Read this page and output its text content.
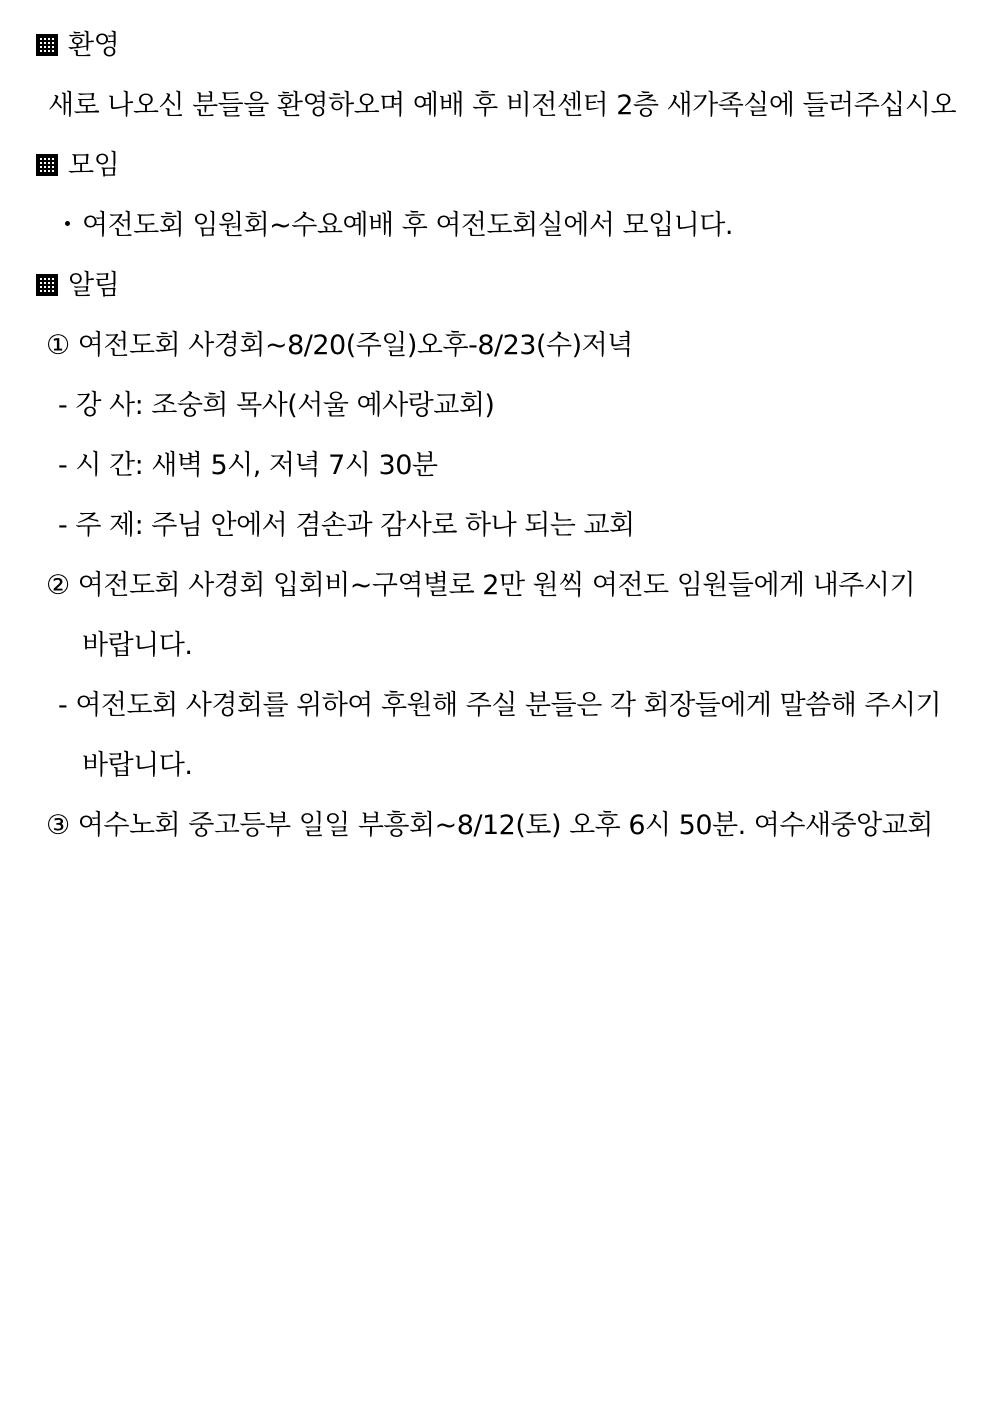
환영
새로 나오신 분들을 환영하오며 예배 후 비전센터 2층 새가족실에 들러주십시오
모임
・여전도회 임원회~수요예배 후 여전도회실에서 모입니다.
알림
① 여전도회 사경회~8/20(주일)오후-8/23(수)저녁
- 강 사: 조숭희 목사(서울 예사랑교회)
- 시 간: 새벽 5시, 저녁 7시 30분
- 주 제: 주님 안에서 겸손과 감사로 하나 되는 교회
② 여전도회 사경회 입회비~구역별로 2만 원씩 여전도 임원들에게 내주시기
바랍니다.
- 여전도회 사경회를 위하여 후원해 주실 분들은 각 회장들에게 말씀해 주시기
바랍니다.
③ 여수노회 중고등부 일일 부흥회~8/12(토) 오후 6시 50분. 여수새중앙교회
